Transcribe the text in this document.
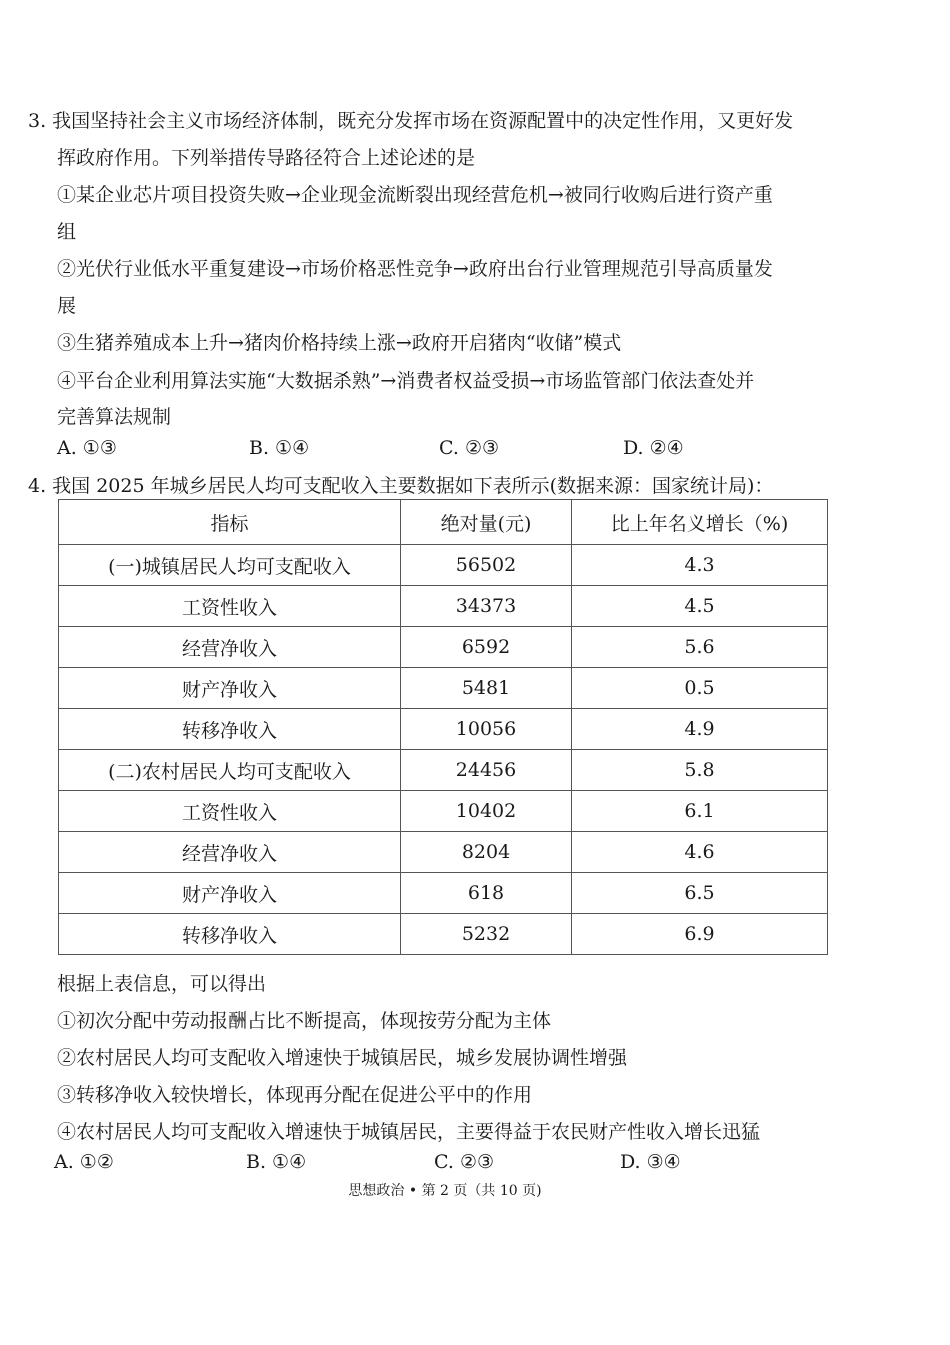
3. 我国坚持社会主义市场经济体制，既充分发挥市场在资源配置中的决定性作用，又更好发
挥政府作用。下列举措传导路径符合上述论述的是
①某企业芯片项目投资失败→企业现金流断裂出现经营危机→被同行收购后进行资产重
组
②光伏行业低水平重复建设→市场价格恶性竞争→政府出台行业管理规范引导高质量发
展
③生猪养殖成本上升→猪肉价格持续上涨→政府开启猪肉“收储”模式
④平台企业利用算法实施“大数据杀熟”→消费者权益受损→市场监管部门依法查处并
完善算法规制
A. ①③	B. ①④	C. ②③	D. ②④
4. 我国 2025 年城乡居民人均可支配收入主要数据如下表所示(数据来源：国家统计局)：
指标	绝对量(元)	比上年名义增长（%)
(一)城镇居民人均可支配收入	56502	4.3
工资性收入	34373	4.5
经营净收入	6592	5.6
财产净收入	5481	0.5
转移净收入	10056	4.9
(二)农村居民人均可支配收入	24456	5.8
工资性收入	10402	6.1
经营净收入	8204	4.6
财产净收入	618	6.5
转移净收入	5232	6.9
根据上表信息，可以得出
①初次分配中劳动报酬占比不断提高，体现按劳分配为主体
②农村居民人均可支配收入增速快于城镇居民，城乡发展协调性增强
③转移净收入较快增长，体现再分配在促进公平中的作用
④农村居民人均可支配收入增速快于城镇居民，主要得益于农民财产性收入增长迅猛
A. ①②	B. ①④	C. ②③	D. ③④
思想政治 • 第 2 页（共 10 页)
